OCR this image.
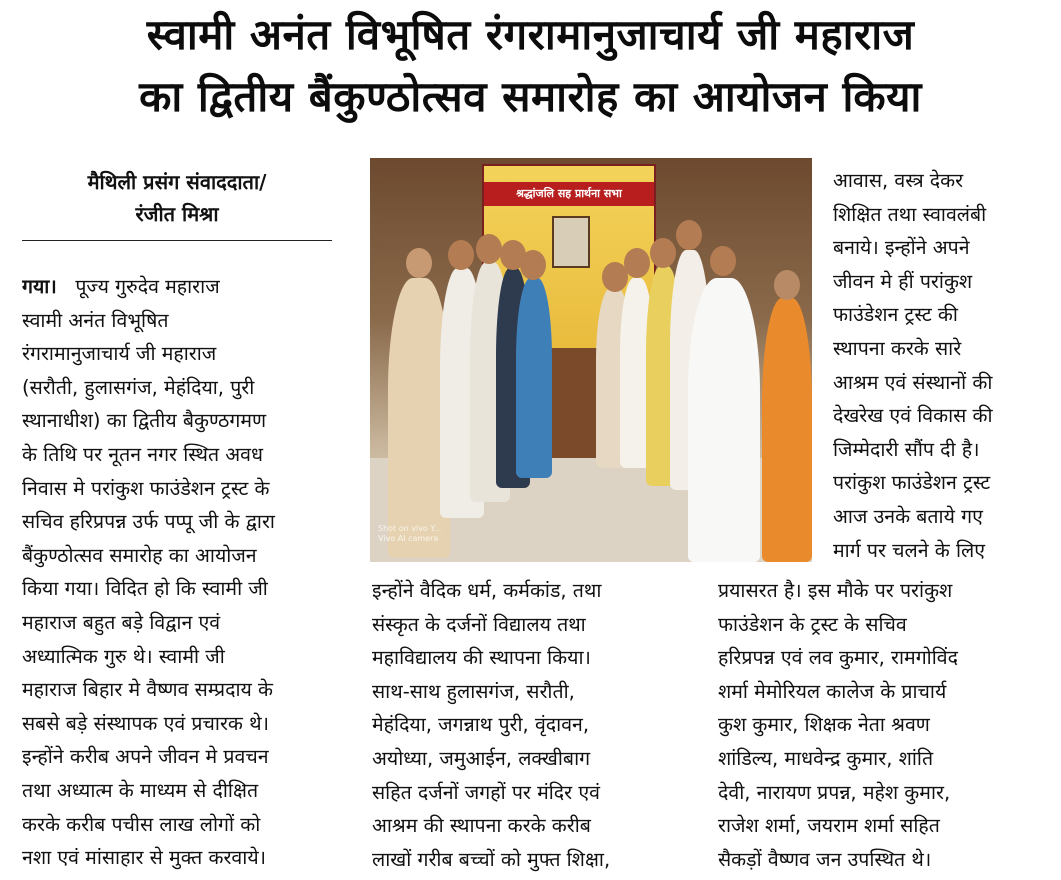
स्वामी अनंत विभूषित रंगरामानुजाचार्य जी महाराज
का द्वितीय बैंकुण्ठोत्सव समारोह का आयोजन किया
मैथिली प्रसंग संवाददाता/
रंजीत मिश्रा
गया। पूज्य गुरुदेव महाराज
स्वामी अनंत विभूषित
रंगरामानुजाचार्य जी महाराज
(सरौती, हुलासगंज, मेहंदिया, पुरी
स्थानाधीश) का द्वितीय बैकुण्ठगमण
के तिथि पर नूतन नगर स्थित अवध
निवास मे परांकुश फाउंडेशन ट्रस्ट के
सचिव हरिप्रपन्न उर्फ पप्पू जी के द्वारा
बैंकुण्ठोत्सव समारोह का आयोजन
किया गया। विदित हो कि स्वामी जी
महाराज बहुत बड़े विद्वान एवं
अध्यात्मिक गुरु थे। स्वामी जी
महाराज बिहार मे वैष्णव सम्प्रदाय के
सबसे बड़े संस्थापक एवं प्रचारक थे।
इन्होंने करीब अपने जीवन मे प्रवचन
तथा अध्यात्म के माध्यम से दीक्षित
करके करीब पचीस लाख लोगों को
नशा एवं मांसाहार से मुक्त करवाये।
श्रद्धांजलि सह प्रार्थना सभा
Shot on vivo Y...
Vivo AI camera
आवास, वस्त्र देकर
शिक्षित तथा स्वावलंबी
बनाये। इन्होंने अपने
जीवन मे हीं परांकुश
फाउंडेशन ट्रस्ट की
स्थापना करके सारे
आश्रम एवं संस्थानों की
देखरेख एवं विकास की
जिम्मेदारी सौंप दी है।
परांकुश फाउंडेशन ट्रस्ट
आज उनके बताये गए
मार्ग पर चलने के लिए
इन्होंने वैदिक धर्म, कर्मकांड, तथा
संस्कृत के दर्जनों विद्यालय तथा
महाविद्यालय की स्थापना किया।
साथ-साथ हुलासगंज, सरौती,
मेहंदिया, जगन्नाथ पुरी, वृंदावन,
अयोध्या, जमुआईन, लक्खीबाग
सहित दर्जनों जगहों पर मंदिर एवं
आश्रम की स्थापना करके करीब
लाखों गरीब बच्चों को मुफ्त शिक्षा,
प्रयासरत है। इस मौके पर परांकुश
फाउंडेशन के ट्रस्ट के सचिव
हरिप्रपन्न एवं लव कुमार, रामगोविंद
शर्मा मेमोरियल कालेज के प्राचार्य
कुश कुमार, शिक्षक नेता श्रवण
शांडिल्य, माधवेन्द्र कुमार, शांति
देवी, नारायण प्रपन्न, महेश कुमार,
राजेश शर्मा, जयराम शर्मा सहित
सैकड़ों वैष्णव जन उपस्थित थे।
